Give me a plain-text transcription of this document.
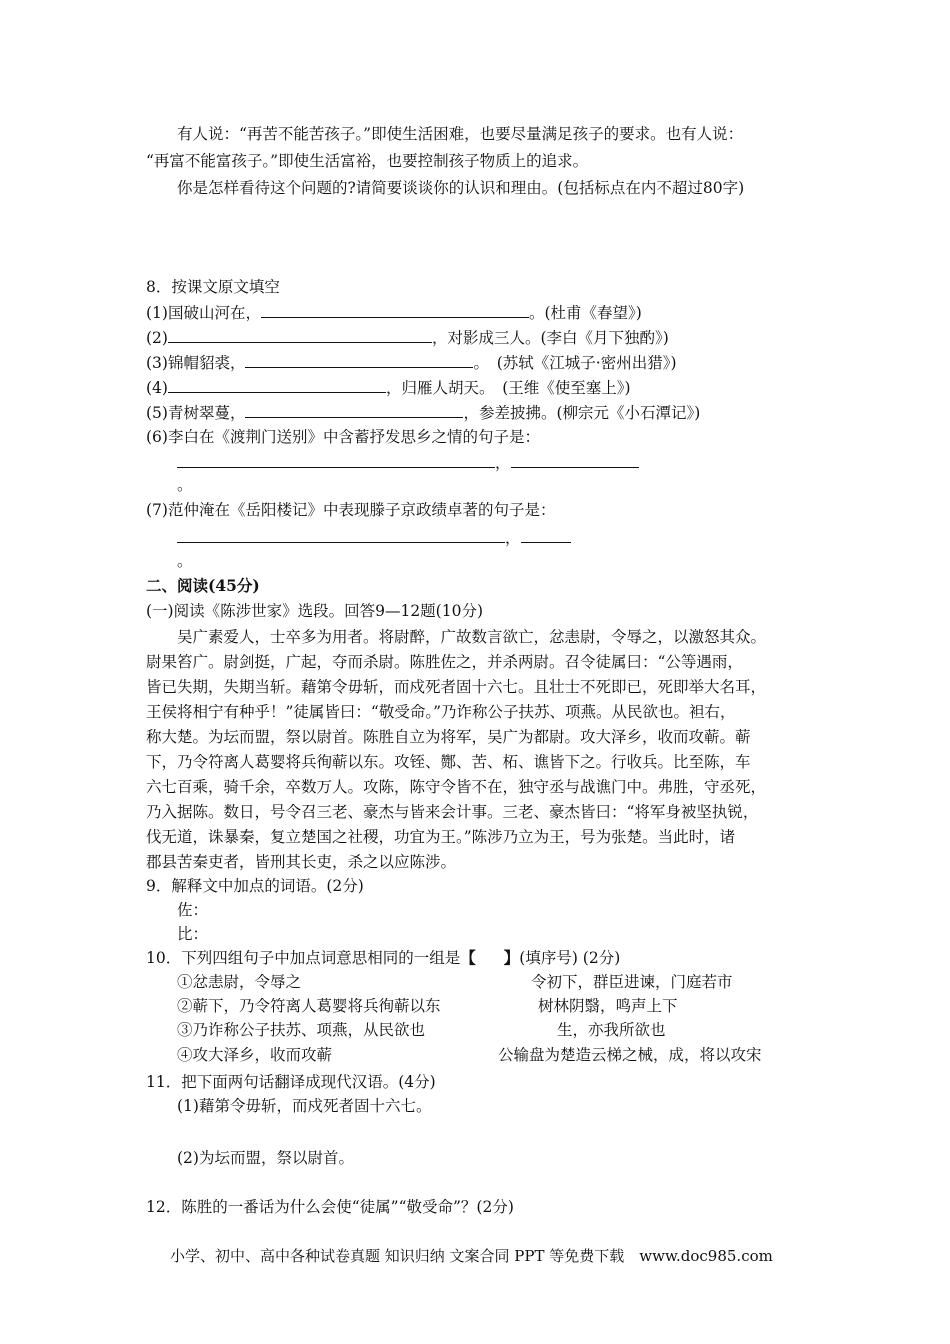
有人说：“再苦不能苦孩子。”即使生活困难，也要尽量满足孩子的要求。也有人说：
“再富不能富孩子。”即使生活富裕，也要控制孩子物质上的追求。
你是怎样看待这个问题的?请简要谈谈你的认识和理由。(包括标点在内不超过80字)
8．按课文原文填空
(1)国破山河在，	。(杜甫《春望》)
(2)	，对影成三人。(李白《月下独酌》)
(3)锦帽貂裘，	。　(苏轼《江城子·密州出猎》)
(4)	，归雁人胡天。　(王维《使至塞上》)
(5)青树翠蔓，	，参差披拂。(柳宗元《小石潭记》)
(6)李白在《渡荆门送别》中含蓄抒发思乡之情的句子是：
，
。
(7)范仲淹在《岳阳楼记》中表现滕子京政绩卓著的句子是：
，
。
二、阅读(45分)
(一)阅读《陈涉世家》选段。回答9—12题(10分)
　　吴广素爱人，士卒多为用者。将尉醉，广故数言欲亡，忿恚尉，令辱之，以激怒其众。
尉果笞广。尉剑挺，广起，夺而杀尉。陈胜佐之，并杀两尉。召令徒属曰：“公等遇雨，
皆已失期，失期当斩。藉第令毋斩，而戍死者固十六七。且壮士不死即已，死即举大名耳，
王侯将相宁有种乎！”徒属皆曰：“敬受命。”乃诈称公子扶苏、项燕。从民欲也。袒右，
称大楚。为坛而盟，祭以尉首。陈胜自立为将军，吴广为都尉。攻大泽乡，收而攻蕲。蕲
下，乃令符离人葛婴将兵徇蕲以东。攻铚、酂、苦、柘、谯皆下之。行收兵。比至陈，车
六七百乘，骑千余，卒数万人。攻陈，陈守令皆不在，独守丞与战谯门中。弗胜，守丞死，
乃入据陈。数日，号令召三老、豪杰与皆来会计事。三老、豪杰皆曰：“将军身被坚执锐，
伐无道，诛暴秦，复立楚国之社稷，功宜为王。”陈涉乃立为王，号为张楚。当此时，诸
郡县苦秦吏者，皆刑其长吏，杀之以应陈涉。
9．解释文中加点的词语。(2分)
佐：
比：
10．下列四组句子中加点词意思相同的一组是【 】(填序号) (2分)
①忿恚尉，令辱之	令初下，群臣进谏，门庭若市
②蕲下，乃令符离人葛婴将兵徇蕲以东	树林阴翳，鸣声上下
③乃诈称公子扶苏、项燕，从民欲也	生，亦我所欲也
④攻大泽乡，收而攻蕲	公输盘为楚造云梯之械，成，将以攻宋
11．把下面两句话翻译成现代汉语。(4分)
(1)藉第令毋斩，而戍死者固十六七。
(2)为坛而盟，祭以尉首。
12．陈胜的一番话为什么会使“徒属”“敬受命”？(2分)
小学、初中、高中各种试卷真题 知识归纳 文案合同 PPT 等免费下载　www.doc985.com
